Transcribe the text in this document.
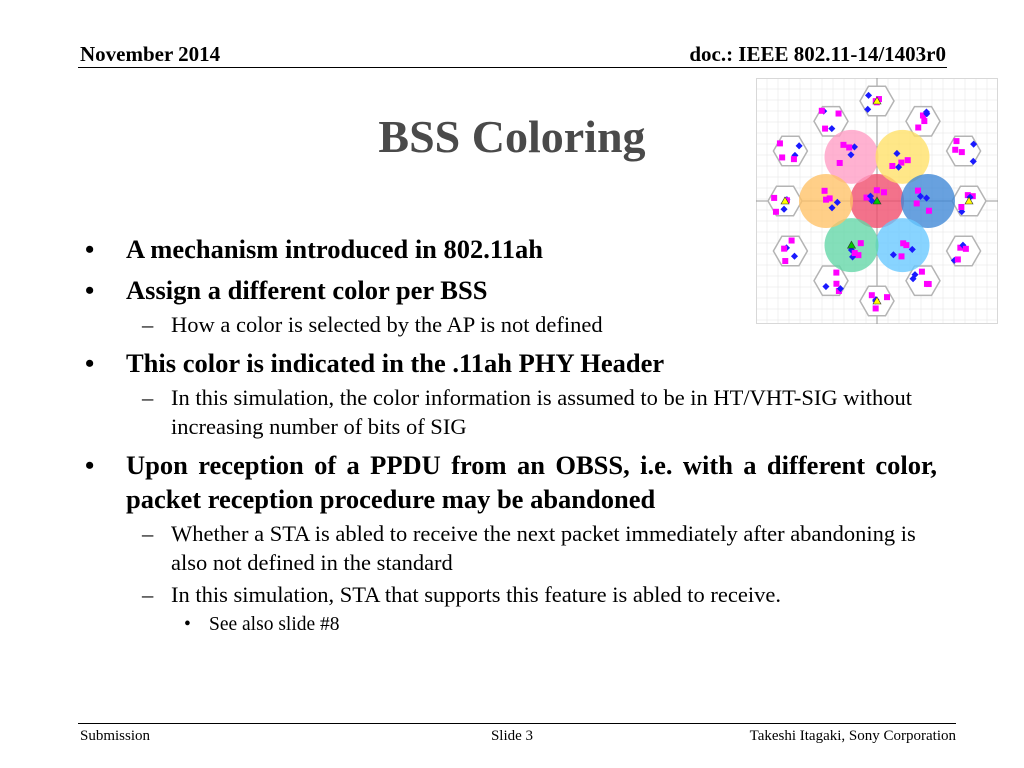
November 2014	doc.: IEEE 802.11-14/1403r0
BSS Coloring
• A mechanism introduced in 802.11ah
• Assign a different color per BSS
– How a color is selected by the AP is not defined
• This color is indicated in the .11ah PHY Header
– In this simulation, the color information is assumed to be in HT/VHT-SIG without increasing number of bits of SIG
• Upon reception of a PPDU from an OBSS, i.e. with a different color, packet reception procedure may be abandoned
– Whether a STA is abled to receive the next packet immediately after abandoning is also not defined in the standard
– In this simulation, STA that supports this feature is abled to receive.
• See also slide #8
Submission	Slide 3	Takeshi Itagaki, Sony Corporation
